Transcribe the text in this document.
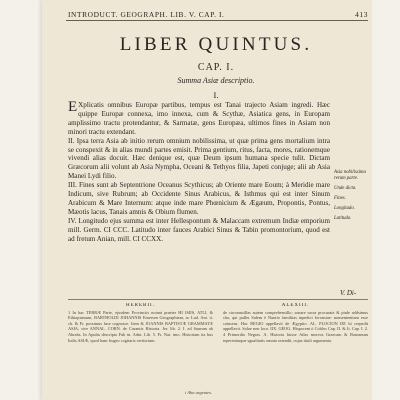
INTRODUCT. GEOGRAPH. LIB. V. CAP. I.	413
LIBER QUINTUS.
CAP. I.
Summa Asiæ descriptio.
I.

E Xplicatis omnibus Europæ partibus, tempus est Tanai trajecto Asiam ingredi. Hæc quippe Europæ connexa, imo innexa, cum & Scythæ, Asiatica gens, in Europam amplissimo tractu protendantur, & Sarmatæ, gens Europæa, ultimos fines in Asiam non minori tractu extendant.

II. Ipsa terra Asia ab initio rerum omnium nobilissima, ut quæ prima gens mortalium intra se conspexit & in alias mundi partes emisit. Prima gentium, ritus, facta, mores, rationemque vivendi alias docuit. Hæc denique est, quæ Deum ipsum humana specie tulit. Dictam Græcorum alii volunt ab Asia Nympha, Oceani & Tethyos filia, Japeti conjuge; alii ab Asia Manei Lydi filio.

III. Fines sunt ab Septentrione Oceanus Scythicus; ab Oriente mare Eoum; à Meridie mare Indicum, sive Rubrum; ab Occidente Sinus Arabicus, & Isthmus qui est inter Sinum Arabicum & Mare Internum: atque inde mare Phœnicium & Ægæum, Propontis, Pontus, Mæotis lacus, Tanais amnis & Obium flumen.

IV. Longitudo ejus summa est inter Hellespontum & Malaccam extremum Indiæ emporium mill. Germ. CI CCC. Latitudo inter fauces Arabici Sinus & Tabin promontorium, quod est ad fretum Anian, mill. CI CCXX.

Asia nobilissima rerum parte.
Unde dicta.
Fines.
Longitudo.
Latitudo.
V. Di-
HEREBII.
1 In hac TERRÆ Parte, ejusdem Provinciis notant praeter HI ISIIS, ATLI, & Ethiopiamum, BARTHOLDI JOHANNIS Emersen Geographiam, ac Lud. Ant. ii. ch. & Fr. possimus fuse cognosce. Item & JOANNIS BAPTISTÆ GRAMMAYE ASIA, sive ANNAL. CORN. de Curantis Historia. Jer. lib. 2. I. ad Saurum ab Abrabs. In Apulia descripta Fub in. Adnt. Lib. 5. Fr. Nat. imo. Historiam ita bus Italis ASIÆ, quod hanc bugeo cogitaris certiorium.
ALEXIII.
de circumstillas autem comprehensillo; sonare sacra procurata & pinle addsimus cha, qui puller Salem è Nuntio familitas inpedici foronsiae: nonsententiam esse caiuseas. Hac REGIO appellavit de Ægyptio. AL. PLOCION DE hi cerpedit appellavit. Solae non loco. IIX. GEOG. Hispoceni ò Coblos Cap. II. & Jt. Cap. I. 2. 4 Primordio Negras. A. Historia fuisse Atlas moreos Graecam & Romanum teperentiuque sgualitatis omnia ostendit, cujus tituli argumenta.
i Aba argentes.
